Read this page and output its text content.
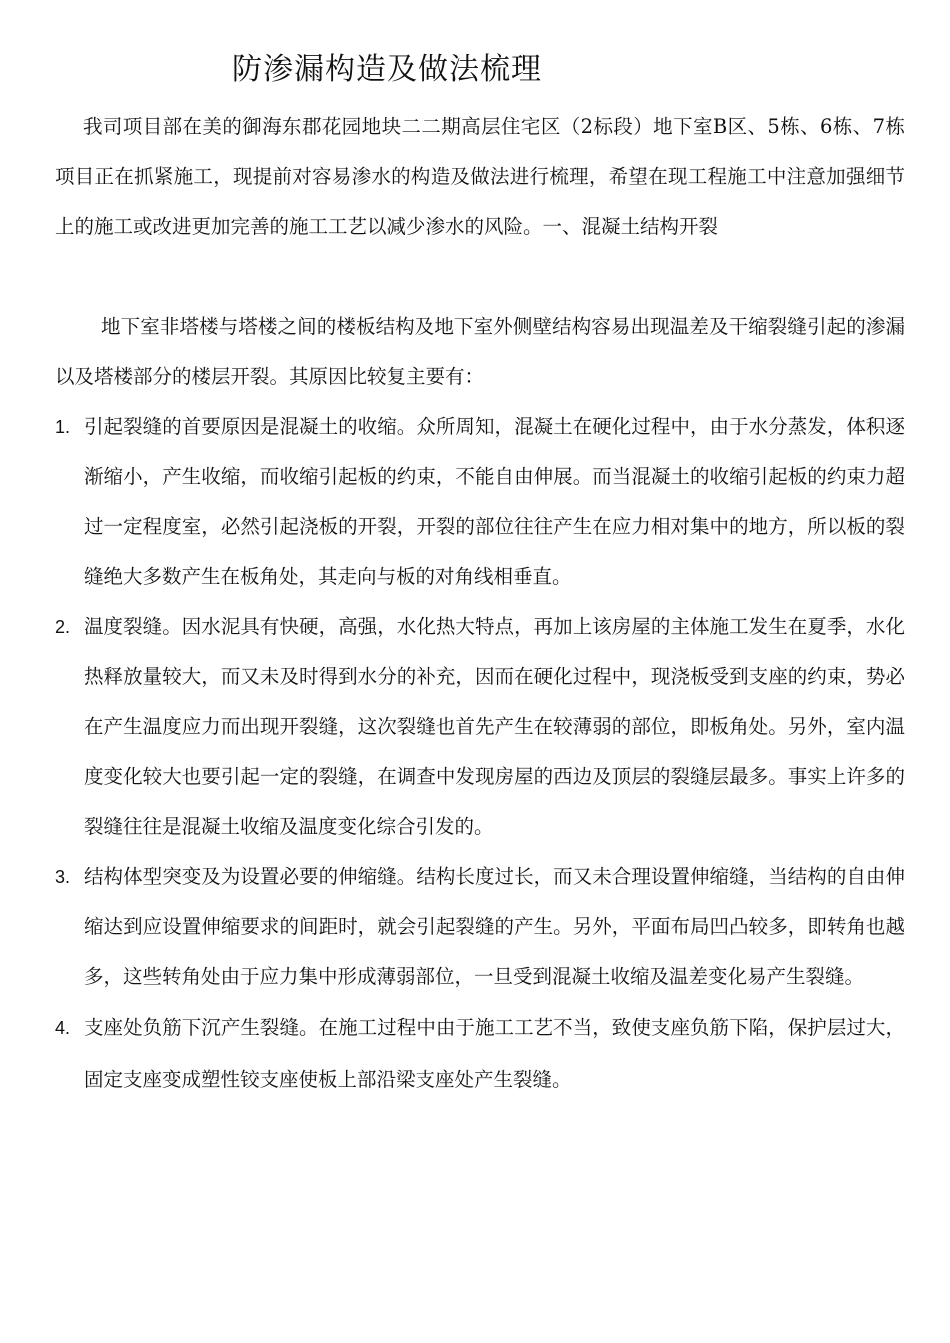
防渗漏构造及做法梳理

我司项目部在美的御海东郡花园地块二二期高层住宅区（2标段）地下室B区、5栋、6栋、7栋项目正在抓紧施工，现提前对容易渗水的构造及做法进行梳理，希望在现工程施工中注意加强细节上的施工或改进更加完善的施工工艺以减少渗水的风险。一、混凝土结构开裂

地下室非塔楼与塔楼之间的楼板结构及地下室外侧壁结构容易出现温差及干缩裂缝引起的渗漏以及塔楼部分的楼层开裂。其原因比较复主要有：

1. 引起裂缝的首要原因是混凝土的收缩。众所周知，混凝土在硬化过程中，由于水分蒸发，体积逐渐缩小，产生收缩，而收缩引起板的约束，不能自由伸展。而当混凝土的收缩引起板的约束力超过一定程度室，必然引起浇板的开裂，开裂的部位往往产生在应力相对集中的地方，所以板的裂缝绝大多数产生在板角处，其走向与板的对角线相垂直。
2. 温度裂缝。因水泥具有快硬，高强，水化热大特点，再加上该房屋的主体施工发生在夏季，水化热释放量较大，而又未及时得到水分的补充，因而在硬化过程中，现浇板受到支座的约束，势必在产生温度应力而出现开裂缝，这次裂缝也首先产生在较薄弱的部位，即板角处。另外，室内温度变化较大也要引起一定的裂缝，在调查中发现房屋的西边及顶层的裂缝层最多。事实上许多的裂缝往往是混凝土收缩及温度变化综合引发的。
3. 结构体型突变及为设置必要的伸缩缝。结构长度过长，而又未合理设置伸缩缝，当结构的自由伸缩达到应设置伸缩要求的间距时，就会引起裂缝的产生。另外，平面布局凹凸较多，即转角也越多，这些转角处由于应力集中形成薄弱部位，一旦受到混凝土收缩及温差变化易产生裂缝。
4. 支座处负筋下沉产生裂缝。在施工过程中由于施工工艺不当，致使支座负筋下陷，保护层过大，固定支座变成塑性铰支座使板上部沿梁支座处产生裂缝。
